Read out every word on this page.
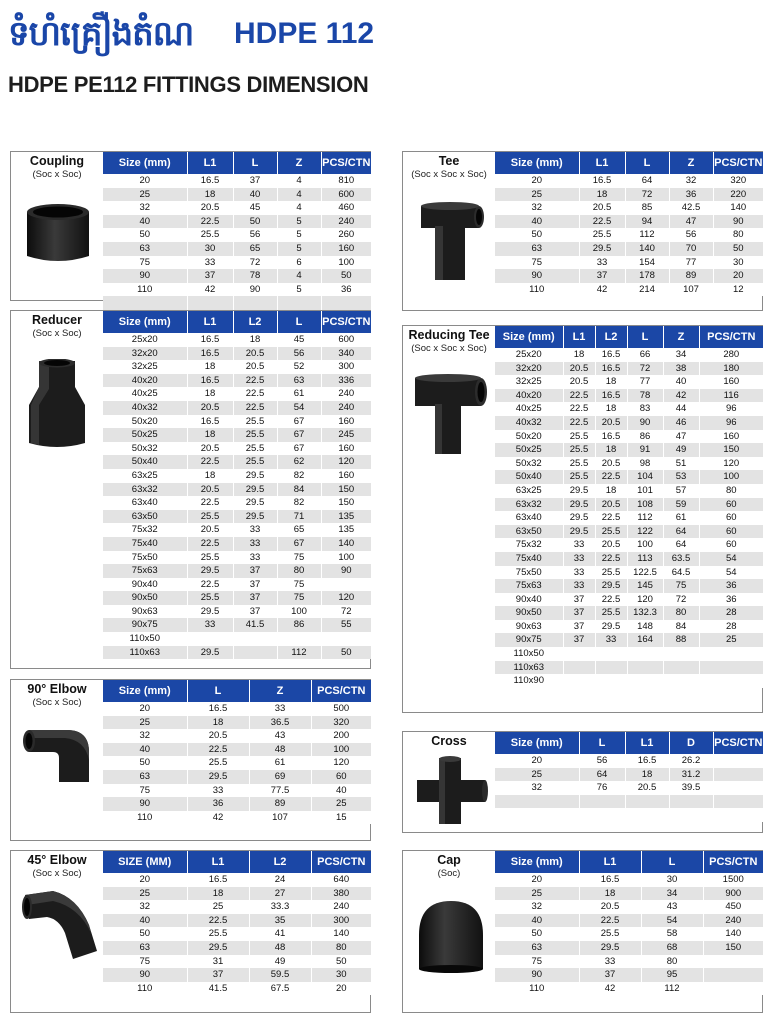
ទំហំគ្រឿងតំណ HDPE 112
HDPE PE112 FITTINGS DIMENSION
Coupling
(Soc x Soc)
Size (mm)	L1	L	Z	PCS/CTN
20	16.5	37	4	810
25	18	40	4	600
32	20.5	45	4	460
40	22.5	50	5	240
50	25.5	56	5	260
63	30	65	5	160
75	33	72	6	100
90	37	78	4	50
110	42	90	5	36

Reducer
(Soc x Soc)
Size (mm)	L1	L2	L	PCS/CTN
25x20	16.5	18	45	600
32x20	16.5	20.5	56	340
32x25	18	20.5	52	300
40x20	16.5	22.5	63	336
40x25	18	22.5	61	240
40x32	20.5	22.5	54	240
50x20	16.5	25.5	67	160
50x25	18	25.5	67	245
50x32	20.5	25.5	67	160
50x40	22.5	25.5	62	120
63x25	18	29.5	82	160
63x32	20.5	29.5	84	150
63x40	22.5	29.5	82	150
63x50	25.5	29.5	71	135
75x32	20.5	33	65	135
75x40	22.5	33	67	140
75x50	25.5	33	75	100
75x63	29.5	37	80	90
90x40	22.5	37	75	
90x50	25.5	37	75	120
90x63	29.5	37	100	72
90x75	33	41.5	86	55
110x50				
110x63	29.5		112	50
90° Elbow
(Soc x Soc)
Size (mm)	L	Z	PCS/CTN
20	16.5	33	500
25	18	36.5	320
32	20.5	43	200
40	22.5	48	100
50	25.5	61	120
63	29.5	69	60
75	33	77.5	40
90	36	89	25
110	42	107	15
45° Elbow
(Soc x Soc)
SIZE (MM)	L1	L2	PCS/CTN
20	16.5	24	640
25	18	27	380
32	25	33.3	240
40	22.5	35	300
50	25.5	41	140
63	29.5	48	80
75	31	49	50
90	37	59.5	30
110	41.5	67.5	20
Tee
(Soc x Soc x Soc)
Size (mm)	L1	L	Z	PCS/CTN
20	16.5	64	32	320
25	18	72	36	220
32	20.5	85	42.5	140
40	22.5	94	47	90
50	25.5	112	56	80
63	29.5	140	70	50
75	33	154	77	30
90	37	178	89	20
110	42	214	107	12
Reducing Tee
(Soc x Soc x Soc)
Size (mm)	L1	L2	L	Z	PCS/CTN
25x20	18	16.5	66	34	280
32x20	20.5	16.5	72	38	180
32x25	20.5	18	77	40	160
40x20	22.5	16.5	78	42	116
40x25	22.5	18	83	44	96
40x32	22.5	20.5	90	46	96
50x20	25.5	16.5	86	47	160
50x25	25.5	18	91	49	150
50x32	25.5	20.5	98	51	120
50x40	25.5	22.5	104	53	100
63x25	29.5	18	101	57	80
63x32	29.5	20.5	108	59	60
63x40	29.5	22.5	112	61	60
63x50	29.5	25.5	122	64	60
75x32	33	20.5	100	64	60
75x40	33	22.5	113	63.5	54
75x50	33	25.5	122.5	64.5	54
75x63	33	29.5	145	75	36
90x40	37	22.5	120	72	36
90x50	37	25.5	132.3	80	28
90x63	37	29.5	148	84	28
90x75	37	33	164	88	25
110x50					
110x63					
110x90					
Cross	Size (mm)	L	L1	D	PCS/CTN
20	56	16.5	26.2	
25	64	18	31.2	
32	76	20.5	39.5	

Cap
(Soc)
Size (mm)	L1	L	PCS/CTN
20	16.5	30	1500
25	18	34	900
32	20.5	43	450
40	22.5	54	240
50	25.5	58	140
63	29.5	68	150
75	33	80	
90	37	95	
110	42	112	
